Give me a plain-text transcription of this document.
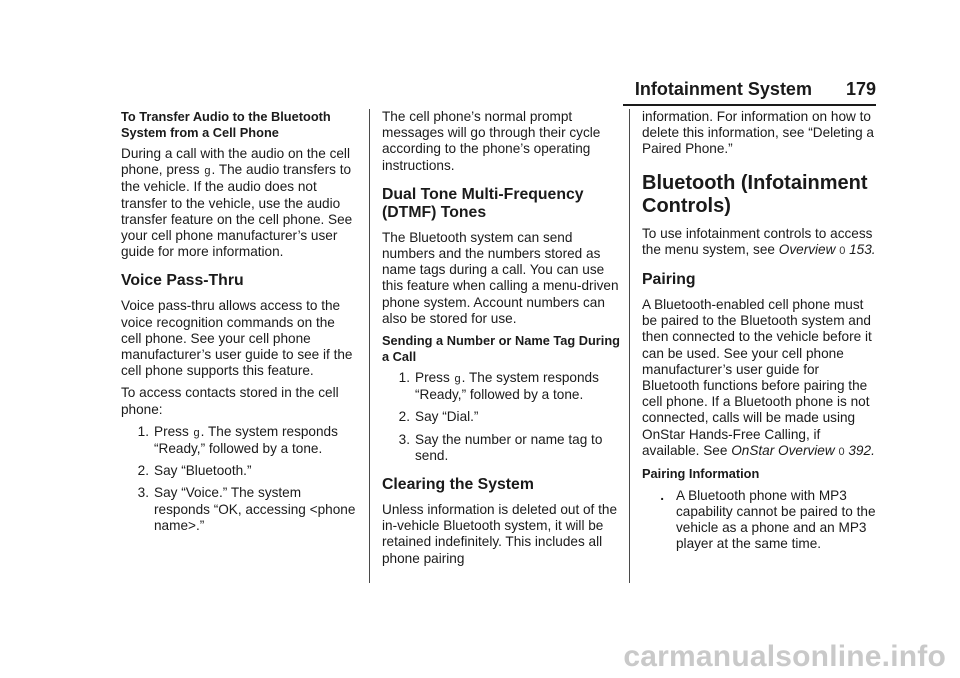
Infotainment System 179
To Transfer Audio to the Bluetooth System from a Cell Phone

During a call with the audio on the cell phone, press g. The audio transfers to the vehicle. If the audio does not transfer to the vehicle, use the audio transfer feature on the cell phone. See your cell phone manufacturer’s user guide for more information.

Voice Pass-Thru

Voice pass-thru allows access to the voice recognition commands on the cell phone. See your cell phone manufacturer’s user guide to see if the cell phone supports this feature.

To access contacts stored in the cell phone:

1. Press g. The system responds “Ready,” followed by a tone.
2. Say “Bluetooth.”
3. Say “Voice.” The system responds “OK, accessing <phone name>.”

The cell phone’s normal prompt messages will go through their cycle according to the phone’s operating instructions.

Dual Tone Multi-Frequency (DTMF) Tones

The Bluetooth system can send numbers and the numbers stored as name tags during a call. You can use this feature when calling a menu-driven phone system. Account numbers can also be stored for use.

Sending a Number or Name Tag During a Call
1. Press g. The system responds “Ready,” followed by a tone.
2. Say “Dial.”
3. Say the number or name tag to send.
Clearing the System

Unless information is deleted out of the in-vehicle Bluetooth system, it will be retained indefinitely. This includes all phone pairing

information. For information on how to delete this information, see “Deleting a Paired Phone.”

Bluetooth (Infotainment Controls)

To use infotainment controls to access the menu system, see Overview 0 153.

Pairing

A Bluetooth-enabled cell phone must be paired to the Bluetooth system and then connected to the vehicle before it can be used. See your cell phone manufacturer’s user guide for Bluetooth functions before pairing the cell phone. If a Bluetooth phone is not connected, calls will be made using OnStar Hands-Free Calling, if available. See OnStar Overview 0 392.

Pairing Information
. A Bluetooth phone with MP3 capability cannot be paired to the vehicle as a phone and an MP3 player at the same time.
carmanualsonline.info
